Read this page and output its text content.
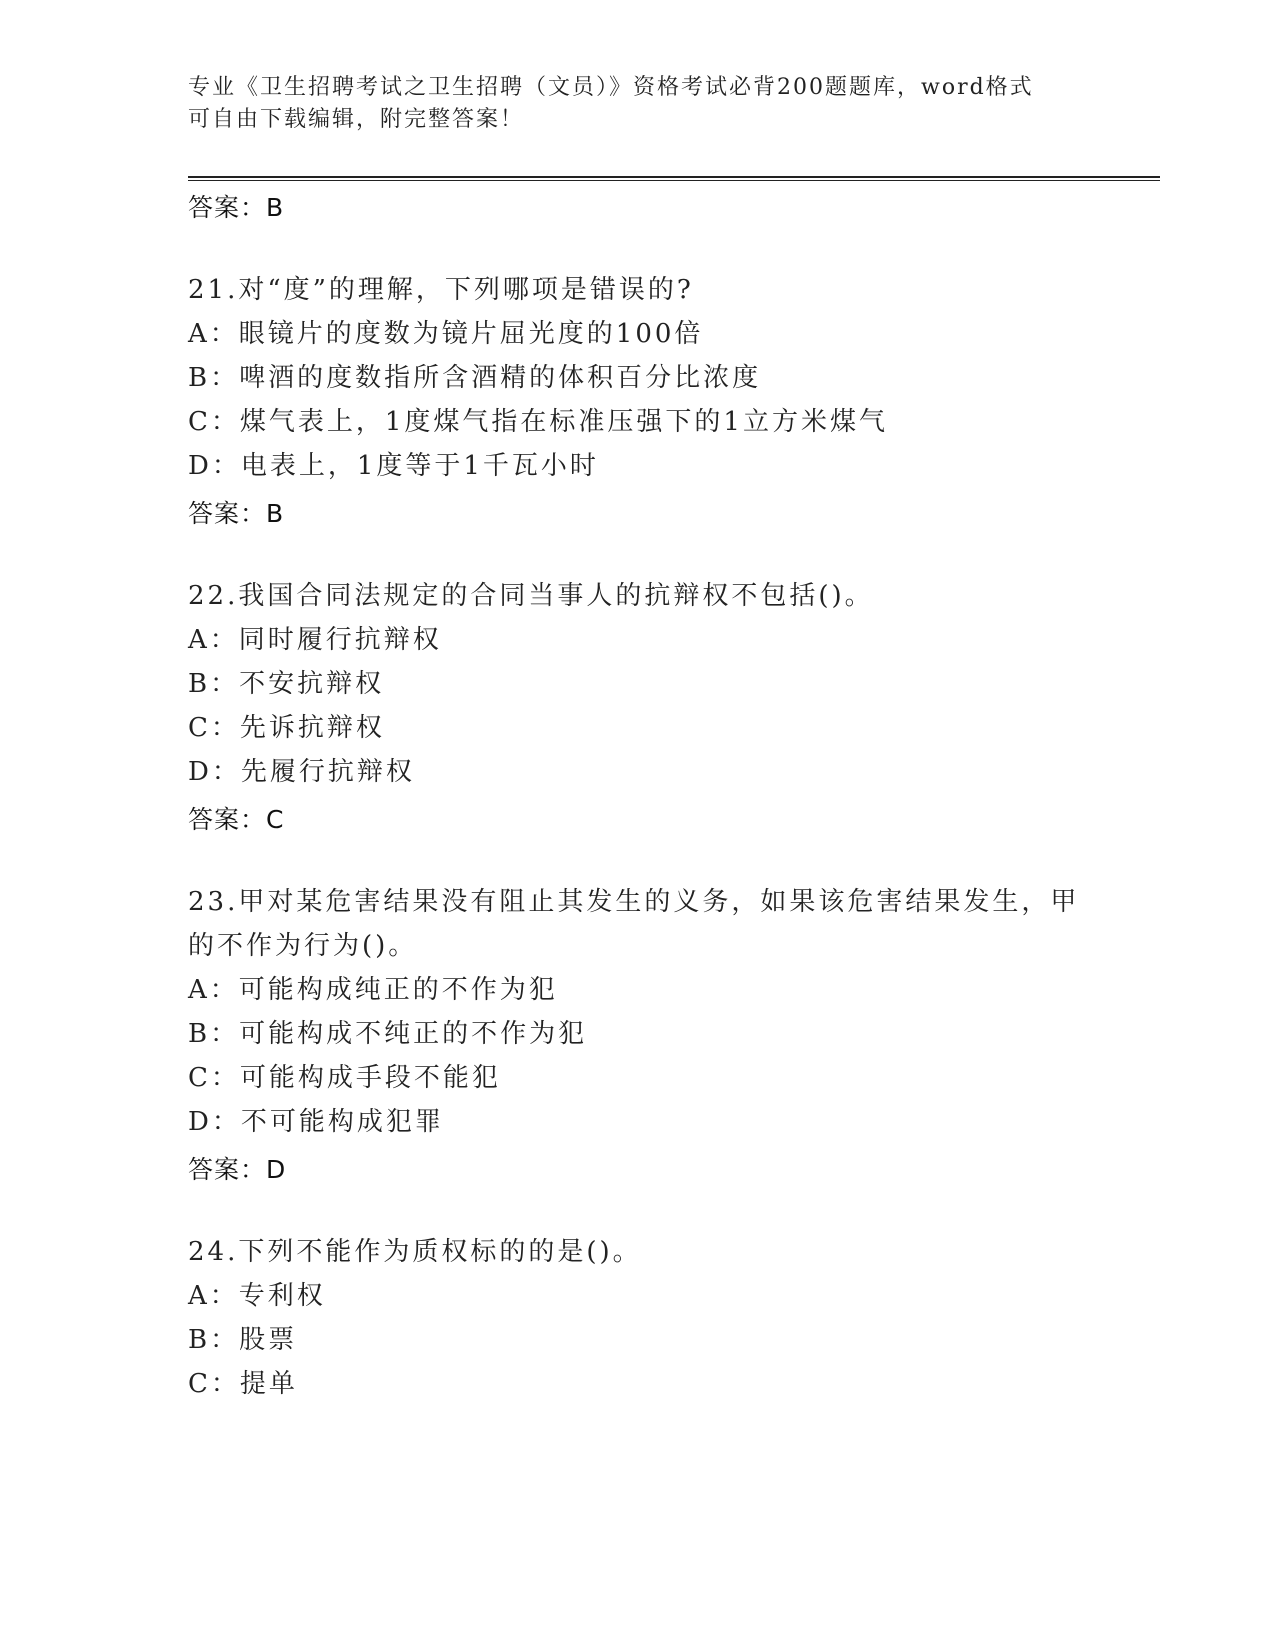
专业《卫生招聘考试之卫生招聘（文员）》资格考试必背200题题库，word格式
可自由下载编辑，附完整答案！
答案：B
21.对“度”的理解，下列哪项是错误的?
A：眼镜片的度数为镜片屈光度的100倍
B：啤酒的度数指所含酒精的体积百分比浓度
C：煤气表上，1度煤气指在标准压强下的1立方米煤气
D：电表上，1度等于1千瓦小时
答案：B
22.我国合同法规定的合同当事人的抗辩权不包括()。
A：同时履行抗辩权
B：不安抗辩权
C：先诉抗辩权
D：先履行抗辩权
答案：C
23.甲对某危害结果没有阻止其发生的义务，如果该危害结果发生，甲
的不作为行为()。
A：可能构成纯正的不作为犯
B：可能构成不纯正的不作为犯
C：可能构成手段不能犯
D：不可能构成犯罪
答案：D
24.下列不能作为质权标的的是()。
A：专利权
B：股票
C：提单
